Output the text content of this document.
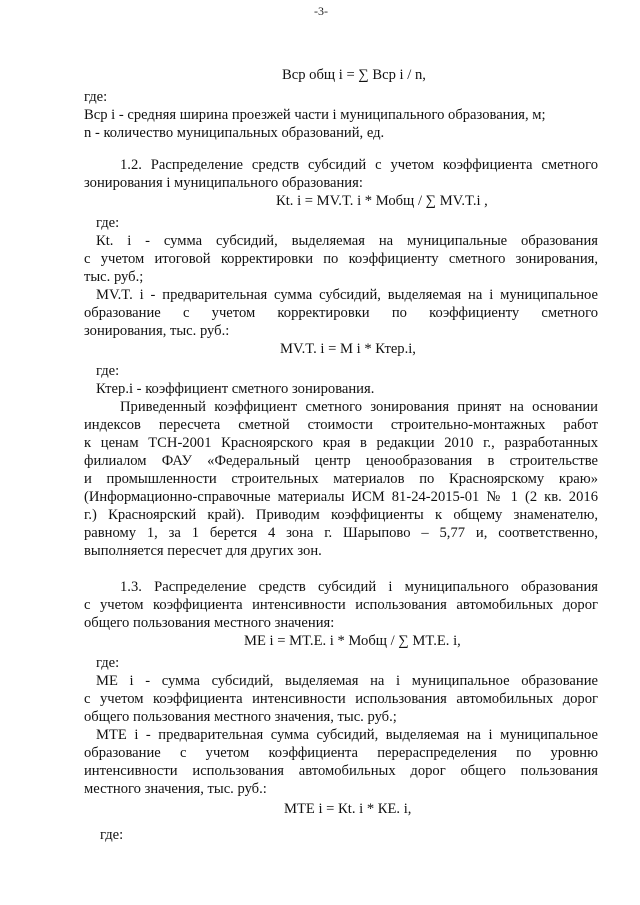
-3-
Вср общ i = ∑ Вср i / n,
где:
Вср i - средняя ширина проезжей части i муниципального образования, м;
n - количество муниципальных образований, ед.
1.2. Распределение средств субсидий с учетом коэффициента сметного
зонирования i муниципального образования:
Кt. i = МV.T. i * Мобщ / ∑ МV.T.i ,
где:
Кt. i - сумма субсидий, выделяемая на муниципальные образования
с учетом итоговой корректировки по коэффициенту сметного зонирования,
тыс. руб.;
МV.T. i - предварительная сумма субсидий, выделяемая на i муниципальное
образование с учетом корректировки по коэффициенту сметного
зонирования, тыс. руб.:
МV.T. i = М i * Ктер.i,
где:
Ктер.i - коэффициент сметного зонирования.
Приведенный коэффициент сметного зонирования принят на основании
индексов пересчета сметной стоимости строительно-монтажных работ
к ценам ТСН-2001 Красноярского края в редакции 2010 г., разработанных
филиалом ФАУ «Федеральный центр ценообразования в строительстве
и промышленности строительных материалов по Красноярскому краю»
(Информационно-справочные материалы ИСМ 81-24-2015-01 № 1 (2 кв. 2016
г.) Красноярский край). Приводим коэффициенты к общему знаменателю,
равному 1, за 1 берется 4 зона г. Шарыпово – 5,77 и, соответственно,
выполняется пересчет для других зон.
1.3. Распределение средств субсидий i муниципального образования
с учетом коэффициента интенсивности использования автомобильных дорог
общего пользования местного значения:
МE i = МT.E. i * Мобщ / ∑ МT.E. i,
где:
МE i - сумма субсидий, выделяемая на i муниципальное образование
с учетом коэффициента интенсивности использования автомобильных дорог
общего пользования местного значения, тыс. руб.;
МTE i - предварительная сумма субсидий, выделяемая на i муниципальное
образование с учетом коэффициента перераспределения по уровню
интенсивности использования автомобильных дорог общего пользования
местного значения, тыс. руб.:
МTE i = Кt. i * КE. i,
где:
